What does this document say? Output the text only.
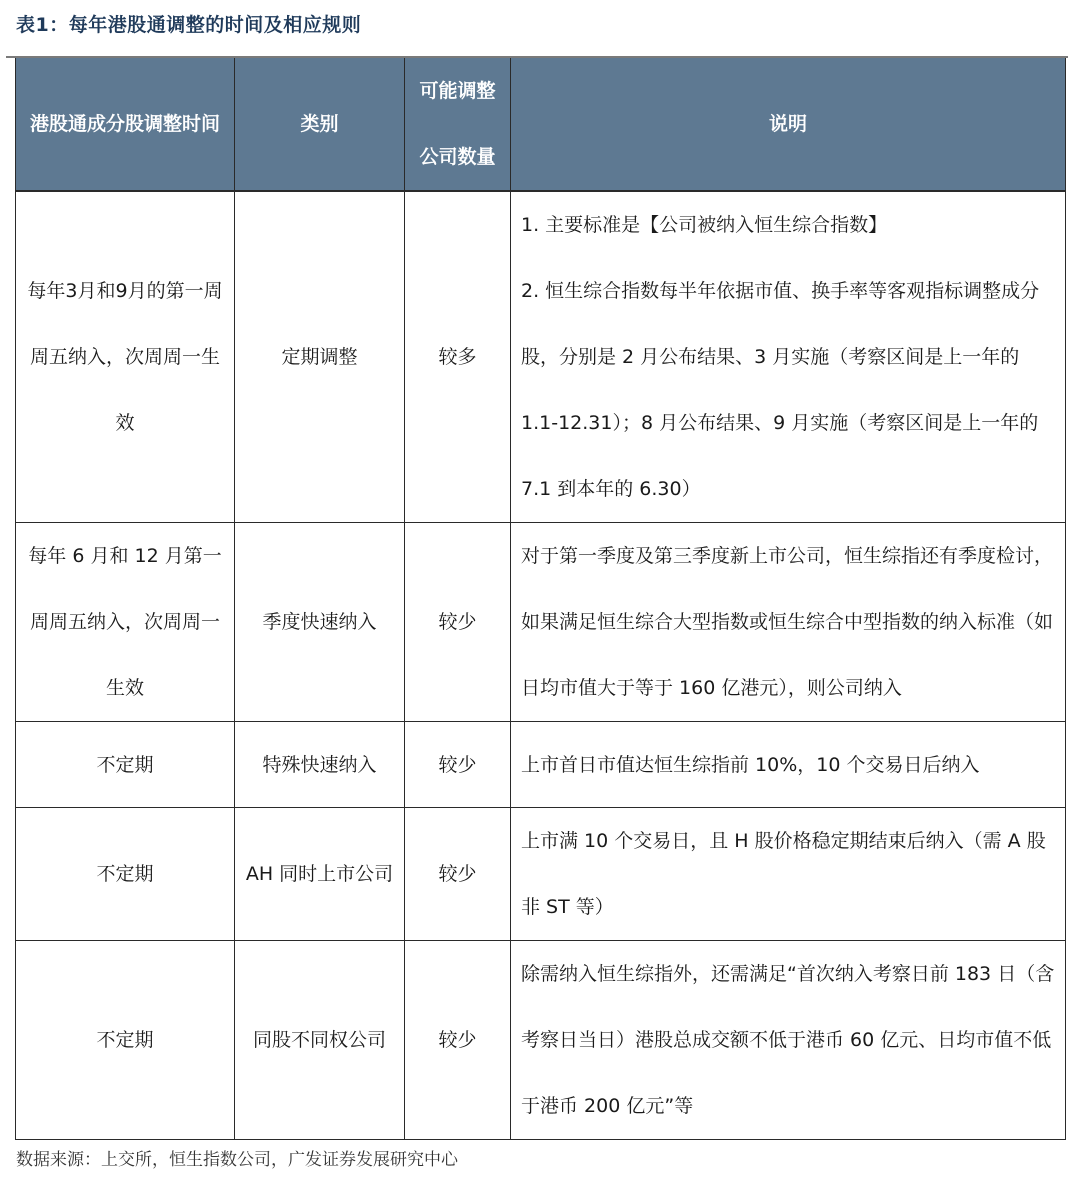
表1：每年港股通调整的时间及相应规则
港股通成分股调整时间	类别	可能调整公司数量	说明
每年3月和9月的第一周周五纳入，次周周一生效	定期调整	较多	1. 主要标准是【公司被纳入恒生综合指数】
2. 恒生综合指数每半年依据市值、换手率等客观指标调整成分股，分别是 2 月公布结果、3 月实施（考察区间是上一年的 1.1-12.31）；8 月公布结果、9 月实施（考察区间是上一年的 7.1 到本年的 6.30）

每年 6 月和 12 月第一周周五纳入，次周周一生效	季度快速纳入	较少	对于第一季度及第三季度新上市公司，恒生综指还有季度检讨，如果满足恒生综合大型指数或恒生综合中型指数的纳入标准（如日均市值大于等于 160 亿港元），则公司纳入

不定期	特殊快速纳入	较少	上市首日市值达恒生综指前 10%，10 个交易日后纳入

不定期	AH 同时上市公司	较少	上市满 10 个交易日，且 H 股价格稳定期结束后纳入（需 A 股非 ST 等）

不定期	同股不同权公司	较少	除需纳入恒生综指外，还需满足“首次纳入考察日前 183 日（含考察日当日）港股总成交额不低于港币 60 亿元、日均市值不低于港币 200 亿元”等
数据来源：上交所，恒生指数公司，广发证券发展研究中心
